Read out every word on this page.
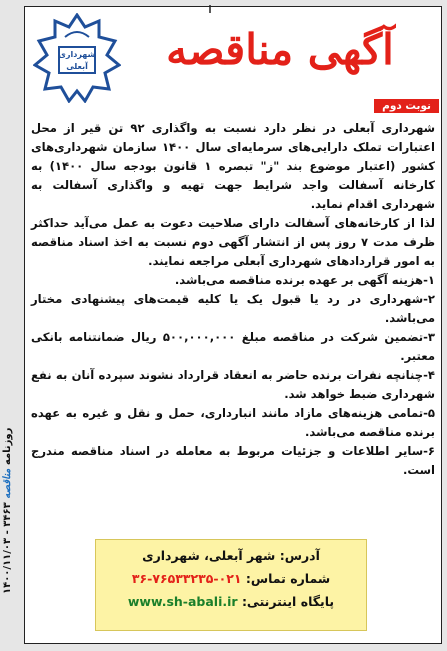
روزنامه مناقصه ۳۴۶۳ - ۱۴۰۰/۱۱/۰۳
شهرداری
آبعلی	آگهی مناقصه
نوبت دوم

شهرداری آبعلی در نظر دارد نسبت به واگذاری ۹۲ تن قیر از محل اعتبارات تملک دارایی‌های سرمایه‌ای سال ۱۴۰۰ سازمان شهرداری‌های کشور (اعتبار موضوع بند "ز" تبصره ۱ قانون بودجه سال ۱۴۰۰) به کارخانه آسفالت واجد شرایط جهت تهیه و واگذاری آسفالت به شهرداری اقدام نماید.

لذا از کارخانه‌های آسفالت دارای صلاحیت دعوت به عمل می‌آید حداکثر ظرف مدت ۷ روز پس از انتشار آگهی دوم نسبت به اخذ اسناد مناقصه به امور قراردادهای شهرداری آبعلی مراجعه نمایند.

۱-هزینه آگهی بر عهده برنده مناقصه می‌باشد.

۲-شهرداری در رد یا قبول یک یا کلیه قیمت‌های پیشنهادی مختار می‌باشد.

۳-تضمین شرکت در مناقصه مبلغ ۵۰۰,۰۰۰,۰۰۰ ریال ضمانتنامه بانکی معتبر.

۴-چنانچه نفرات برنده حاضر به انعقاد قرارداد نشوند سپرده آنان به نفع شهرداری ضبط خواهد شد.

۵-تمامی هزینه‌های مازاد مانند انبارداری، حمل و نقل و غیره به عهده برنده مناقصه می‌باشد.

۶-سایر اطلاعات و جزئیات مربوط به معامله در اسناد مناقصه مندرج است.

آدرس: شهر آبعلی، شهرداری
شماره تماس: ۰۲۱-۷۶۵۳۳۲۳۵-۳۶
پایگاه اینترنتی: www.sh-abali.ir
